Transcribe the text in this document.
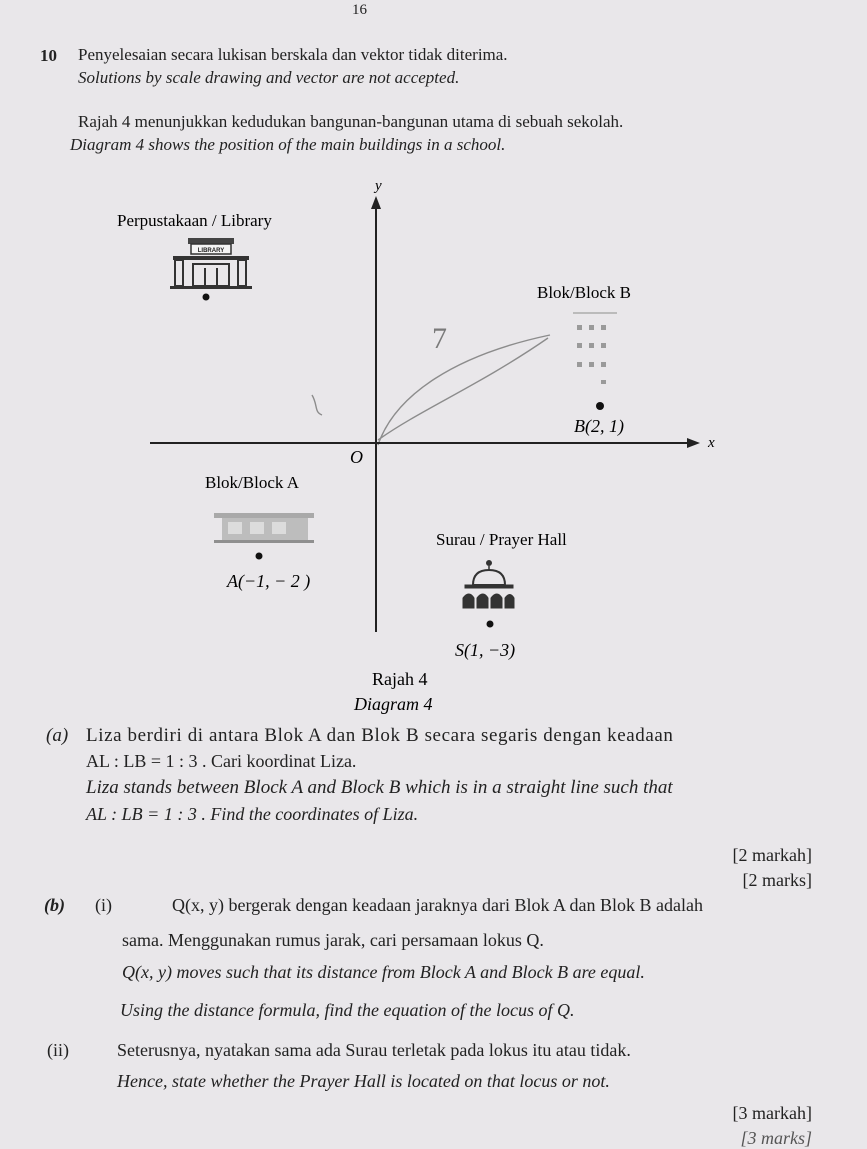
16
10 Penyelesaian secara lukisan berskala dan vektor tidak diterima.
Solutions by scale drawing and vector are not accepted.
Rajah 4 menunjukkan kedudukan bangunan-bangunan utama di sebuah sekolah.
Diagram 4 shows the position of the main buildings in a school.
7
y
x
O
Perpustakaan / Library
LIBRARY
Blok/Block B
B(2, 1)
Blok/Block A
A(−1, − 2 )
Surau / Prayer Hall
S(1, −3)
Rajah 4
Diagram 4
(a) Liza berdiri di antara Blok A dan Blok B secara segaris dengan keadaan
AL : LB = 1 : 3 . Cari koordinat Liza.
Liza stands between Block A and Block B which is in a straight line such that
AL : LB = 1 : 3 . Find the coordinates of Liza.
[2 markah]
[2 marks]
(b) (i)	Q(x, y) bergerak dengan keadaan jaraknya dari Blok A dan Blok B adalah
sama. Menggunakan rumus jarak, cari persamaan lokus Q.
Q(x, y) moves such that its distance from Block A and Block B are equal.
Using the distance formula, find the equation of the locus of Q.
(ii)	Seterusnya, nyatakan sama ada Surau terletak pada lokus itu atau tidak.
Hence, state whether the Prayer Hall is located on that locus or not.
[3 markah]
[3 marks]
